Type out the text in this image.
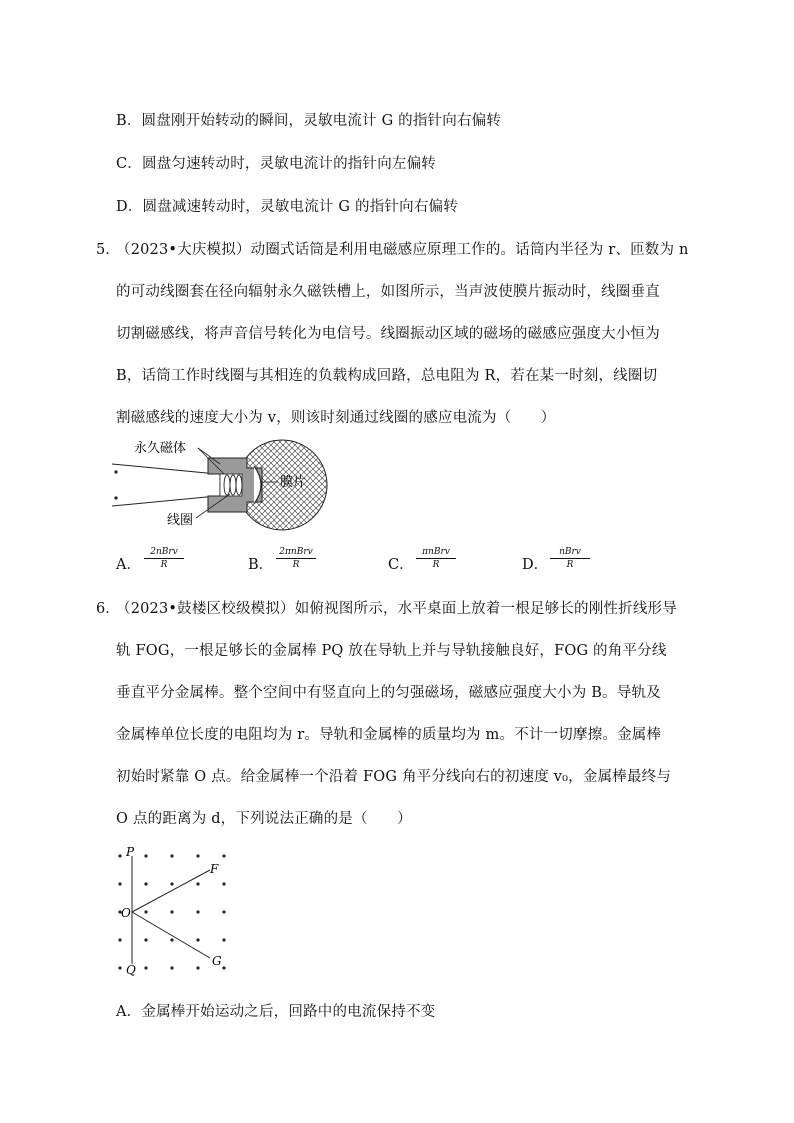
B．圆盘刚开始转动的瞬间，灵敏电流计 G 的指针向右偏转
C．圆盘匀速转动时，灵敏电流计的指针向左偏转
D．圆盘减速转动时，灵敏电流计 G 的指针向右偏转
5．
（2023•大庆模拟）动圈式话筒是利用电磁感应原理工作的。话筒内半径为 r、匝数为 n
的可动线圈套在径向辐射永久磁铁槽上，如图所示，当声波使膜片振动时，线圈垂直
切割磁感线，将声音信号转化为电信号。线圈振动区域的磁场的磁感应强度大小恒为
B，话筒工作时线圈与其相连的负载构成回路，总电阻为 R，若在某一时刻，线圈切
割磁感线的速度大小为 v，则该时刻通过线圈的感应电流为（　　）
永久磁体
膜片
线圈
A．
2nBrv
R	B．
2πnBrv
R	C．
πnBrv
R	D．
nBrv
R
6．
（2023•鼓楼区校级模拟）如俯视图所示，水平桌面上放着一根足够长的刚性折线形导
轨 FOG，一根足够长的金属棒 PQ 放在导轨上并与导轨接触良好，FOG 的角平分线
垂直平分金属棒。整个空间中有竖直向上的匀强磁场，磁感应强度大小为 B。导轨及
金属棒单位长度的电阻均为 r。导轨和金属棒的质量均为 m。不计一切摩擦。金属棒
初始时紧靠 O 点。给金属棒一个沿着 FOG 角平分线向右的初速度 v₀，金属棒最终与
O 点的距离为 d，下列说法正确的是（　　）
P
Q
O
F
G
A．金属棒开始运动之后，回路中的电流保持不变
